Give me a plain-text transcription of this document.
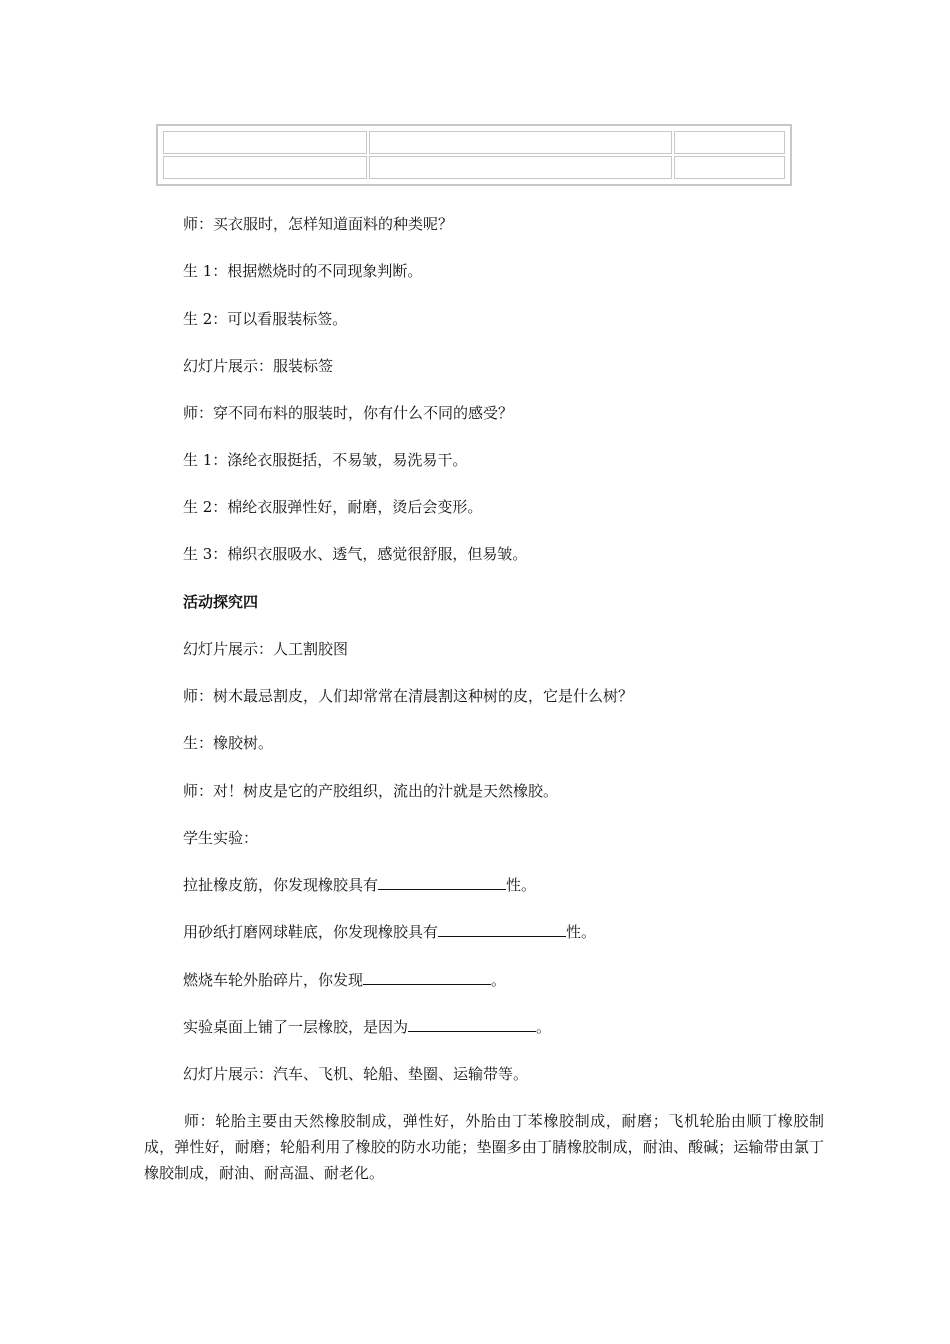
师：买衣服时，怎样知道面料的种类呢？
生 1：根据燃烧时的不同现象判断。
生 2：可以看服装标签。
幻灯片展示：服装标签
师：穿不同布料的服装时，你有什么不同的感受？
生 1：涤纶衣服挺括，不易皱，易洗易干。
生 2：棉纶衣服弹性好，耐磨，烫后会变形。
生 3：棉织衣服吸水、透气，感觉很舒服，但易皱。
活动探究四
幻灯片展示：人工割胶图
师：树木最忌割皮，人们却常常在清晨割这种树的皮，它是什么树？
生：橡胶树。
师：对！树皮是它的产胶组织，流出的汁就是天然橡胶。
学生实验：
拉扯橡皮筋，你发现橡胶具有	性。
用砂纸打磨网球鞋底，你发现橡胶具有	性。
燃烧车轮外胎碎片，你发现	。
实验桌面上铺了一层橡胶，是因为	。
幻灯片展示：汽车、飞机、轮船、垫圈、运输带等。
师：轮胎主要由天然橡胶制成，弹性好，外胎由丁苯橡胶制成，耐磨；飞机轮胎由顺丁橡胶制成，弹性好，耐磨；轮船利用了橡胶的防水功能；垫圈多由丁腈橡胶制成，耐油、酸碱；运输带由氯丁橡胶制成，耐油、耐高温、耐老化。
